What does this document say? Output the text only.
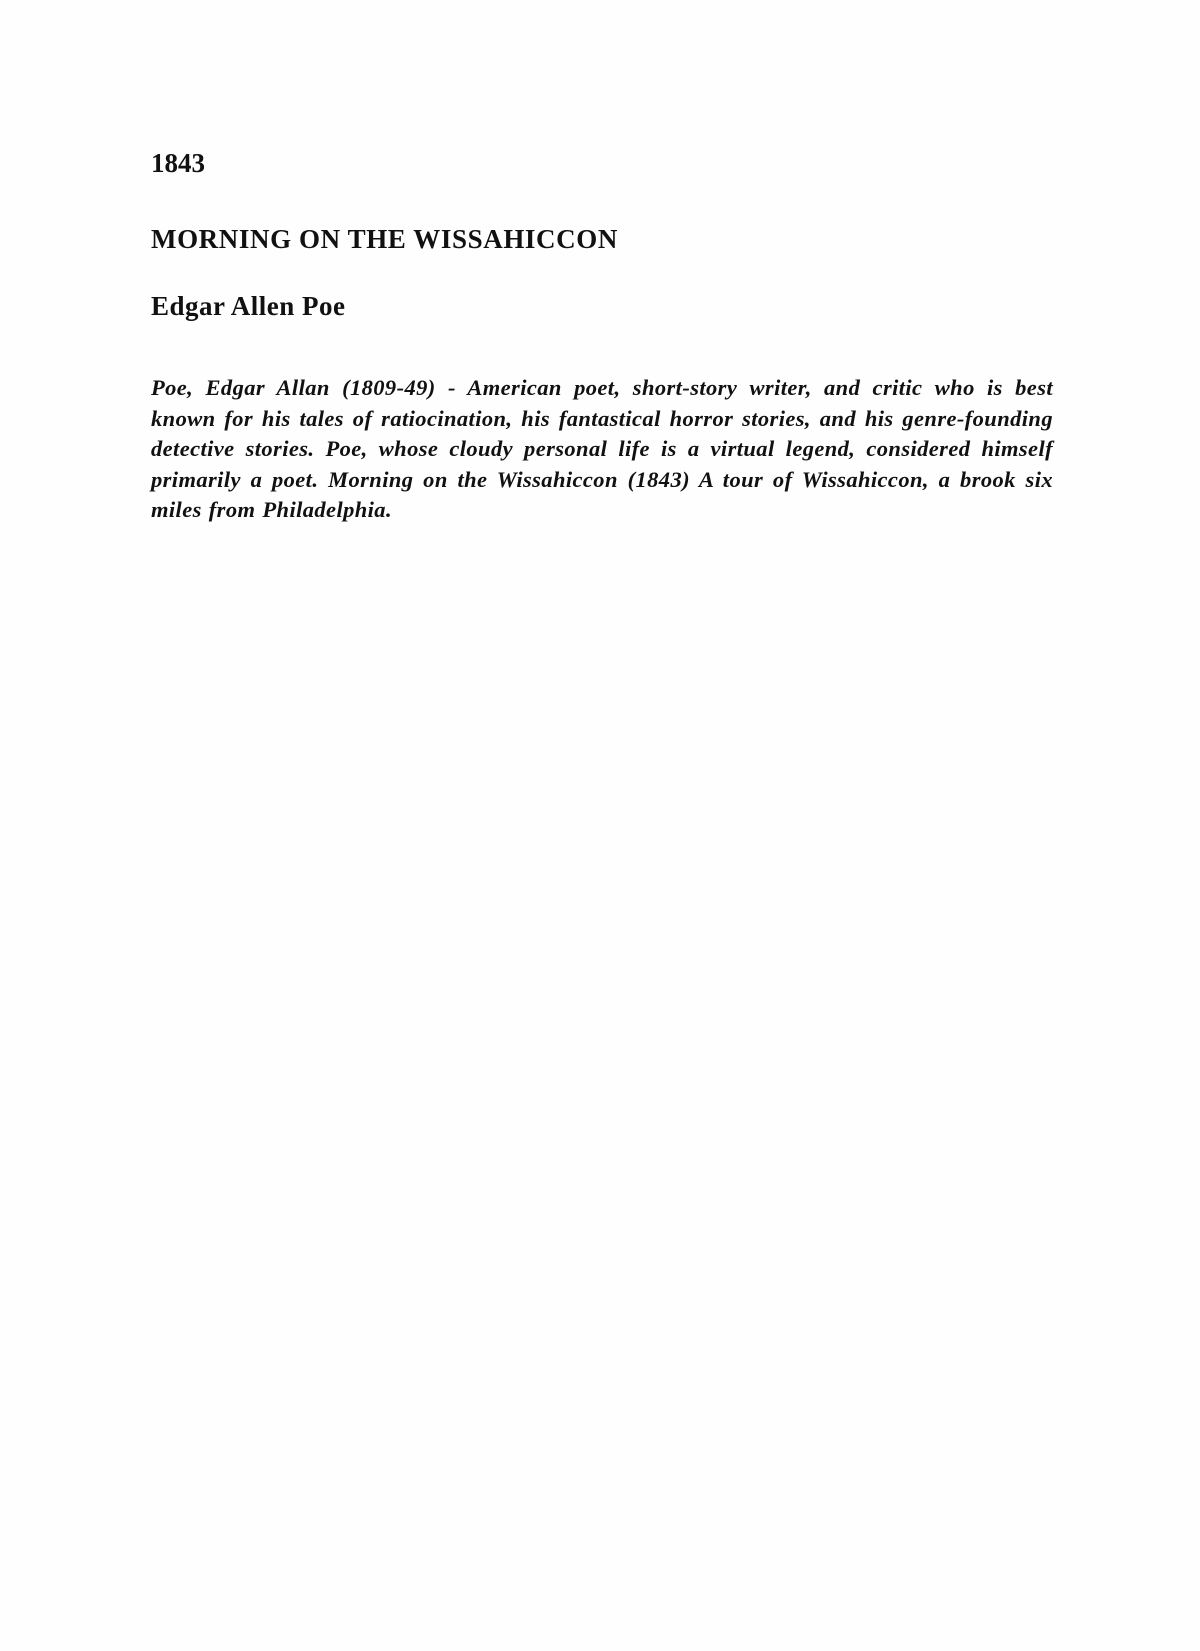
1843
MORNING ON THE WISSAHICCON
Edgar Allen Poe
Poe, Edgar Allan (1809-49) - American poet, short-story writer, and critic who is best known for his tales of ratiocination, his fantastical horror stories, and his genre-founding detective stories. Poe, whose cloudy personal life is a virtual legend, considered himself primarily a poet. Morning on the Wissahiccon (1843) A tour of Wissahiccon, a brook six miles from Philadelphia.
